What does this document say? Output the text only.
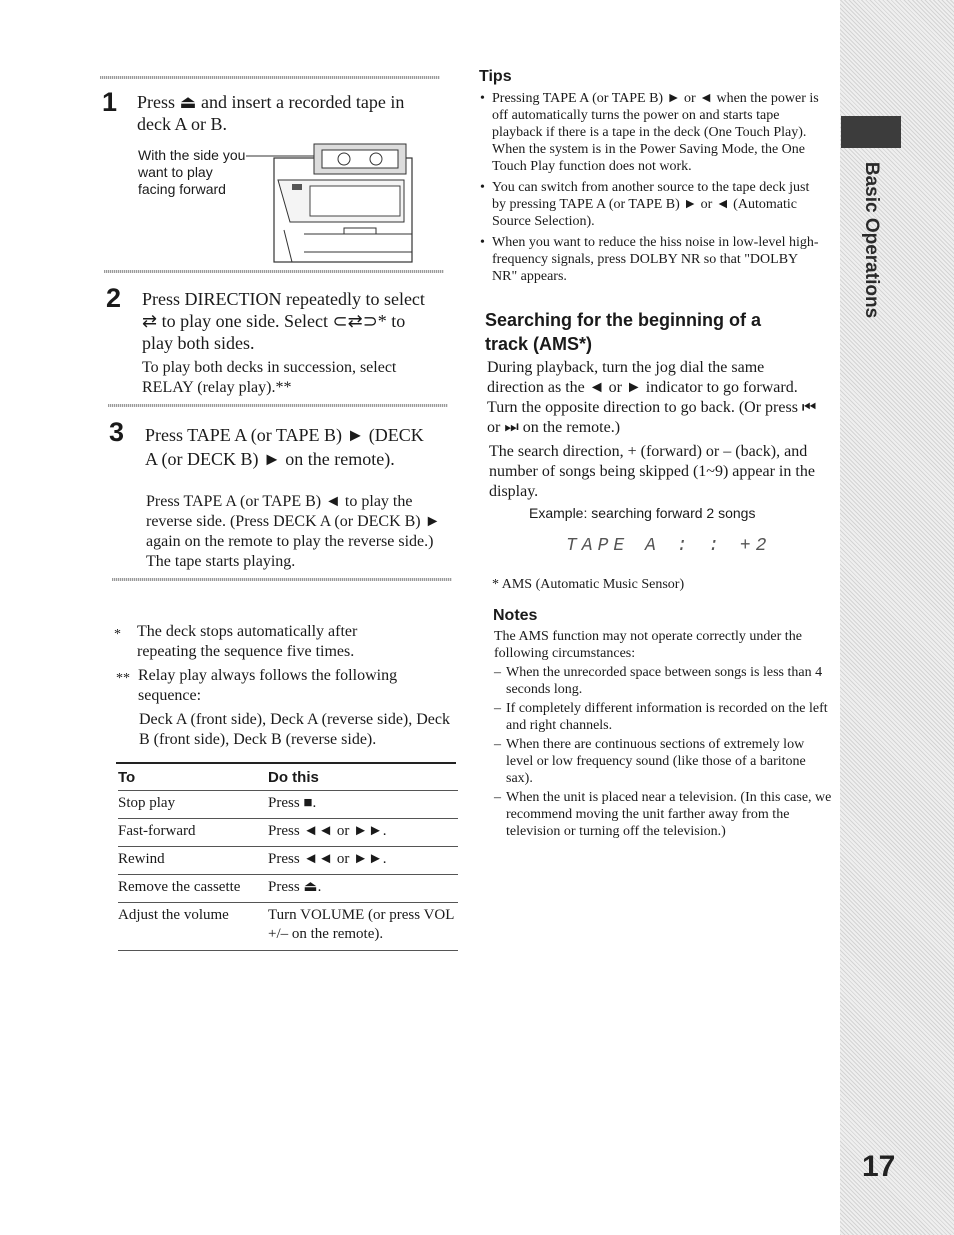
Basic Operations
17
1 Press ⏏ and insert a recorded tape in deck A or B.
With the side you want to play facing forward
2 Press DIRECTION repeatedly to select ⇄ to play one side. Select ⊂⇄⊃* to play both sides.
To play both decks in succession, select RELAY (relay play).**
3 Press TAPE A (or TAPE B) ► (DECK A (or DECK B) ► on the remote).
Press TAPE A (or TAPE B) ◄ to play the reverse side. (Press DECK A (or DECK B) ► again on the remote to play the reverse side.) The tape starts playing.
* The deck stops automatically after repeating the sequence five times.
** Relay play always follows the following sequence:
Deck A (front side), Deck A (reverse side), Deck B (front side), Deck B (reverse side).
To	Do this
Stop play	Press ■.
Fast-forward	Press ◄◄ or ►►.
Rewind	Press ◄◄ or ►►.
Remove the cassette	Press ⏏.
Adjust the volume	Turn VOLUME (or press VOL +/– on the remote).
Tips
• Pressing TAPE A (or TAPE B) ► or ◄ when the power is off automatically turns the power on and starts tape playback if there is a tape in the deck (One Touch Play). When the system is in the Power Saving Mode, the One Touch Play function does not work.
• You can switch from another source to the tape deck just by pressing TAPE A (or TAPE B) ► or ◄ (Automatic Source Selection).
• When you want to reduce the hiss noise in low-level high-frequency signals, press DOLBY NR so that "DOLBY NR" appears.
Searching for the beginning of a track (AMS*)
During playback, turn the jog dial the same direction as the ◄ or ► indicator to go forward. Turn the opposite direction to go back. (Or press ⏮ or ⏭ on the remote.)
The search direction, + (forward) or – (back), and number of songs being skipped (1~9) appear in the display.
Example: searching forward 2 songs
TAPE A : : +2
* AMS (Automatic Music Sensor)
Notes
The AMS function may not operate correctly under the following circumstances:
– When the unrecorded space between songs is less than 4 seconds long.
– If completely different information is recorded on the left and right channels.
– When there are continuous sections of extremely low level or low frequency sound (like those of a baritone sax).
– When the unit is placed near a television. (In this case, we recommend moving the unit farther away from the television or turning off the television.)
